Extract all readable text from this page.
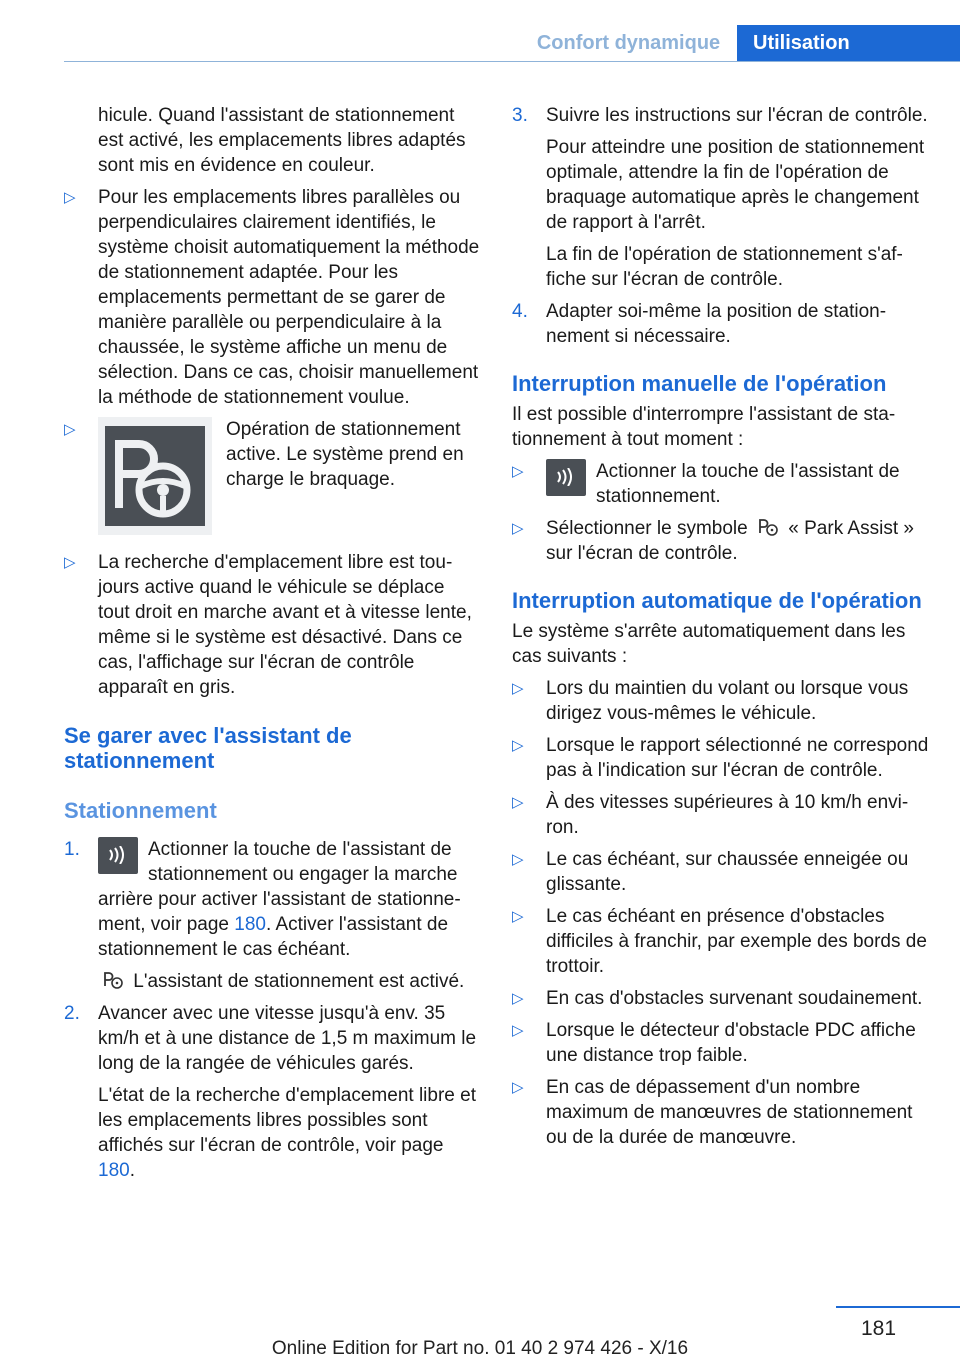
Confort dynamique	Utilisation

hicule. Quand l'assistant de stationnement est activé, les emplacements libres adaptés sont mis en évidence en couleur.

▷ Pour les emplacements libres parallèles ou perpendiculaires clairement identifiés, le système choisit automatiquement la méthode de stationnement adaptée. Pour les emplacements permettant de se garer de manière parallèle ou perpendiculaire à la chaussée, le système affiche un menu de sélection. Dans ce cas, choisir manuellement la méthode de stationnement voulue.
▷	Opération de stationnement active. Le système prend en charge le braquage.
▷ La recherche d'emplacement libre est toujours active quand le véhicule se déplace tout droit en marche avant et à vitesse lente, même si le système est désactivé. Dans ce cas, l'affichage sur l'écran de contrôle apparaît en gris.
Se garer avec l'assistant de stationnement
Stationnement
1.	Actionner la touche de l'assistant de stationnement ou engager la marche arrière pour activer l'assistant de stationnement, voir page 180. Activer l'assistant de stationnement le cas échéant.
L'assistant de stationnement est activé.
2. Avancer avec une vitesse jusqu'à env. 35 km/h et à une distance de 1,5 m maximum le long de la rangée de véhicules garés.
L'état de la recherche d'emplacement libre et les emplacements libres possibles sont affichés sur l'écran de contrôle, voir page 180.
3. Suivre les instructions sur l'écran de contrôle.
Pour atteindre une position de stationnement optimale, attendre la fin de l'opération de braquage automatique après le changement de rapport à l'arrêt.
La fin de l'opération de stationnement s'affiche sur l'écran de contrôle.
4. Adapter soi-même la position de stationnement si nécessaire.
Interruption manuelle de l'opération

Il est possible d'interrompre l'assistant de stationnement à tout moment :

▷	Actionner la touche de l'assistant de stationnement.
▷ Sélectionner le symbole « Park Assist » sur l'écran de contrôle.
Interruption automatique de l'opération

Le système s'arrête automatiquement dans les cas suivants :

▷ Lors du maintien du volant ou lorsque vous dirigez vous-mêmes le véhicule.
▷ Lorsque le rapport sélectionné ne correspond pas à l'indication sur l'écran de contrôle.
▷ À des vitesses supérieures à 10 km/h environ.
▷ Le cas échéant, sur chaussée enneigée ou glissante.
▷ Le cas échéant en présence d'obstacles difficiles à franchir, par exemple des bords de trottoir.
▷ En cas d'obstacles survenant soudainement.
▷ Lorsque le détecteur d'obstacle PDC affiche une distance trop faible.
▷ En cas de dépassement d'un nombre maximum de manœuvres de stationnement ou de la durée de manœuvre.
181
Online Edition for Part no. 01 40 2 974 426 - X/16
